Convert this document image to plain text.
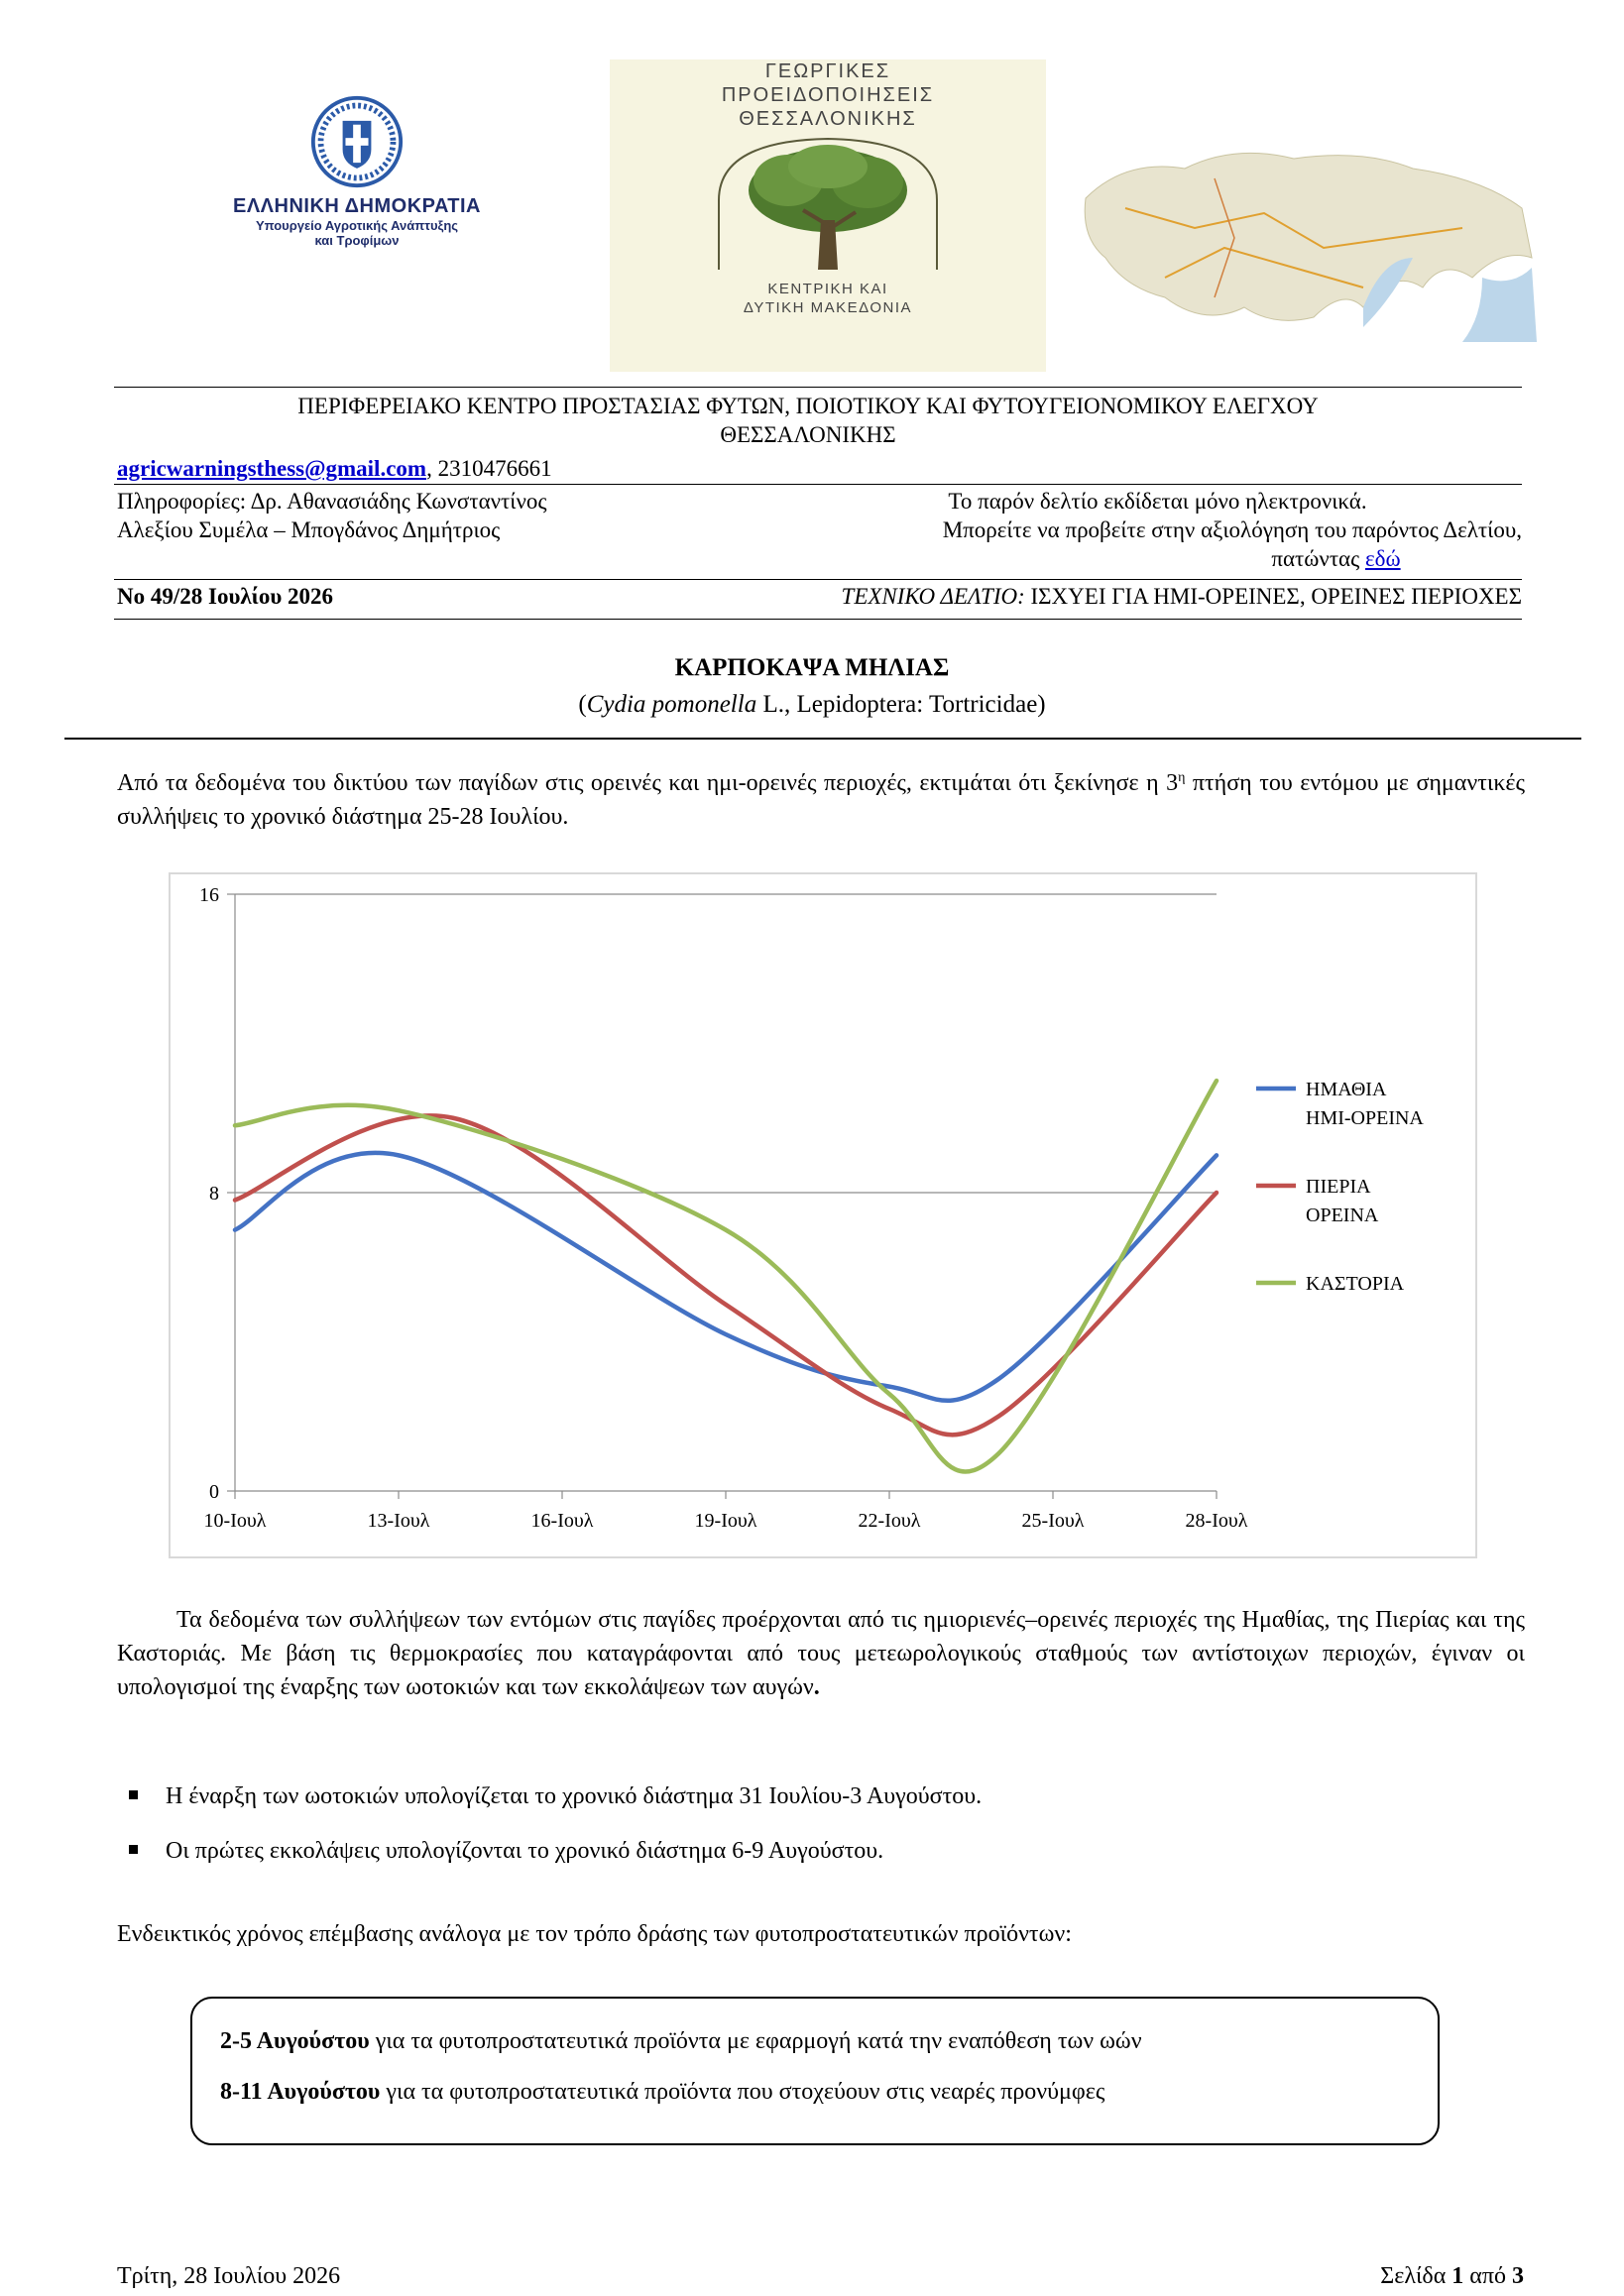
ΕΛΛΗΝΙΚΗ ΔΗΜΟΚΡΑΤΙΑ
Υπουργείο Αγροτικής Ανάπτυξης
και Τροφίμων
ΓΕΩΡΓΙΚΕΣ
ΠΡΟΕΙΔΟΠΟΙΗΣΕΙΣ
ΘΕΣΣΑΛΟΝΙΚΗΣ
ΚΕΝΤΡΙΚΗ ΚΑΙ
ΔΥΤΙΚΗ ΜΑΚΕΔΟΝΙΑ
ΠΕΡΙΦΕΡΕΙΑΚΟ ΚΕΝΤΡΟ ΠΡΟΣΤΑΣΙΑΣ ΦΥΤΩΝ, ΠΟΙΟΤΙΚΟΥ ΚΑΙ ΦΥΤΟΥΓΕΙΟΝΟΜΙΚΟΥ ΕΛΕΓΧΟΥ
ΘΕΣΣΑΛΟΝΙΚΗΣ
agricwarningsthess@gmail.com, 2310476661
Πληροφορίες: Δρ. Αθανασιάδης Κωνσταντίνος
Αλεξίου Συμέλα – Μπογδάνος Δημήτριος
Το παρόν δελτίο εκδίδεται μόνο ηλεκτρονικά.
Μπορείτε να προβείτε στην αξιολόγηση του παρόντος Δελτίου,
πατώντας εδώ
Νο 49/28 Ιουλίου 2026	ΤΕΧΝΙΚΟ ΔΕΛΤΙΟ: ΙΣΧΥΕΙ ΓΙΑ ΗΜΙ-ΟΡΕΙΝΕΣ, ΟΡΕΙΝΕΣ ΠΕΡΙΟΧΕΣ
ΚΑΡΠΟΚΑΨΑ ΜΗΛΙΑΣ
(Cydia pomonella L., Lepidoptera: Tortricidae)
Από τα δεδομένα του δικτύου των παγίδων στις ορεινές και ημι-ορεινές περιοχές, εκτιμάται ότι ξεκίνησε η $3^\eta$ πτήση του εντόμου με σημαντικές συλλήψεις το χρονικό διάστημα 25-28 Ιουλίου.
0
8
16
10-Ιουλ	13-Ιουλ	16-Ιουλ	19-Ιουλ	22-Ιουλ	25-Ιουλ	28-Ιουλ
ΗΜΑΘΙΑ
ΗΜΙ-ΟΡΕΙΝΑ
ΠΙΕΡΙΑ
ΟΡΕΙΝΑ
ΚΑΣΤΟΡΙΑ
Τα δεδομένα των συλλήψεων των εντόμων στις παγίδες προέρχονται από τις ημιοριενές–ορεινές περιοχές της Ημαθίας, της Πιερίας και της Καστοριάς. Με βάση τις θερμοκρασίες που καταγράφονται από τους μετεωρολογικούς σταθμούς των αντίστοιχων περιοχών, έγιναν οι υπολογισμοί της έναρξης των ωοτοκιών και των εκκολάψεων των αυγών.
Η έναρξη των ωοτοκιών υπολογίζεται το χρονικό διάστημα 31 Ιουλίου-3 Αυγούστου.
Οι πρώτες εκκολάψεις υπολογίζονται το χρονικό διάστημα 6-9 Αυγούστου.
Ενδεικτικός χρόνος επέμβασης ανάλογα με τον τρόπο δράσης των φυτοπροστατευτικών προϊόντων:

2-5 Αυγούστου για τα φυτοπροστατευτικά προϊόντα με εφαρμογή κατά την εναπόθεση των ωών

8-11 Αυγούστου για τα φυτοπροστατευτικά προϊόντα που στοχεύουν στις νεαρές προνύμφες

Τρίτη, 28 Ιουλίου 2026	Σελίδα 1 από 3
